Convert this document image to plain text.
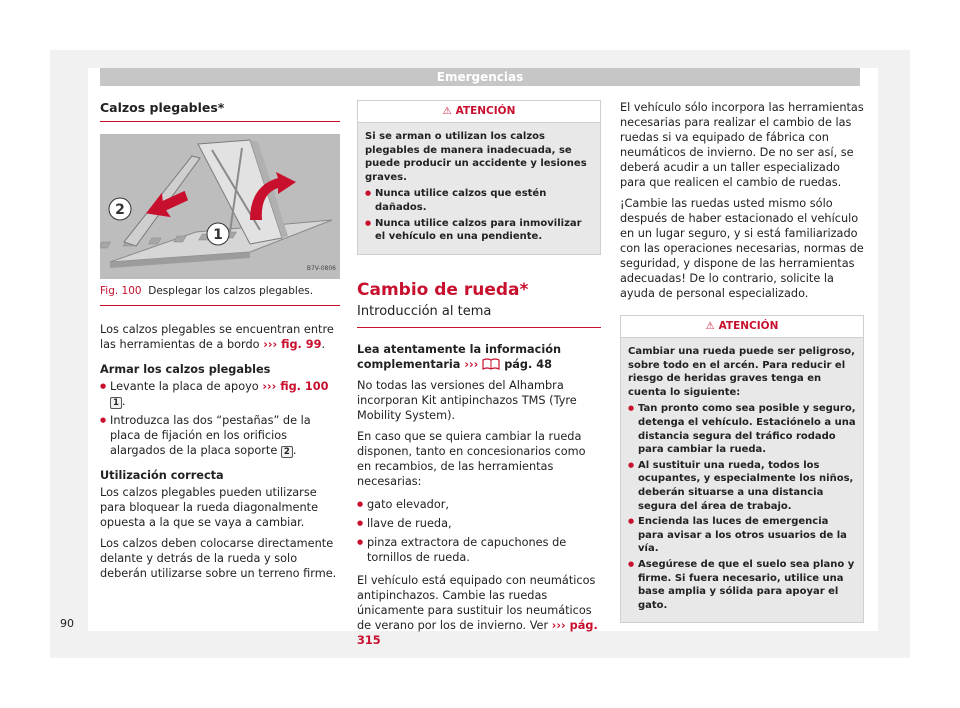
Emergencias
Calzos plegables*
2
1
B7V-0806
Fig. 100 Desplegar los calzos plegables.

Los calzos plegables se encuentran entre las herramientas de a bordo ››› fig. 99.

Armar los calzos plegables

● Levante la placa de apoyo ››› fig. 100 1 .
● Introduzca las dos “pestañas” de la placa de fijación en los orificios alargados de la placa soporte 2 .

Utilización correcta

Los calzos plegables pueden utilizarse para bloquear la rueda diagonalmente opuesta a la que se vaya a cambiar.

Los calzos deben colocarse directamente delante y detrás de la rueda y solo deberán utilizarse sobre un terreno firme.

⚠ ATENCIÓN
Si se arman o utilizan los calzos plegables de manera inadecuada, se puede producir un accidente y lesiones graves.
● Nunca utilice calzos que estén dañados.
● Nunca utilice calzos para inmovilizar el vehículo en una pendiente.
Cambio de rueda*
Introducción al tema

Lea atentamente la información complementaria ››› pág. 48

No todas las versiones del Alhambra incorporan Kit antipinchazos TMS (Tyre Mobility System).

En caso que se quiera cambiar la rueda disponen, tanto en concesionarios como en recambios, de las herramientas necesarias:

● gato elevador,
● llave de rueda,
● pinza extractora de capuchones de tornillos de rueda.

El vehículo está equipado con neumáticos antipinchazos. Cambie las ruedas únicamente para sustituir los neumáticos de verano por los de invierno. Ver ››› pág. 315

El vehículo sólo incorpora las herramientas necesarias para realizar el cambio de las ruedas si va equipado de fábrica con neumáticos de invierno. De no ser así, se deberá acudir a un taller especializado para que realicen el cambio de ruedas.

¡Cambie las ruedas usted mismo sólo después de haber estacionado el vehículo en un lugar seguro, y si está familiarizado con las operaciones necesarias, normas de seguridad, y dispone de las herramientas adecuadas! De lo contrario, solicite la ayuda de personal especializado.

⚠ ATENCIÓN
Cambiar una rueda puede ser peligroso, sobre todo en el arcén. Para reducir el riesgo de heridas graves tenga en cuenta lo siguiente:
● Tan pronto como sea posible y seguro, detenga el vehículo. Estaciónelo a una distancia segura del tráfico rodado para cambiar la rueda.
● Al sustituir una rueda, todos los ocupantes, y especialmente los niños, deberán situarse a una distancia segura del área de trabajo.
● Encienda las luces de emergencia para avisar a los otros usuarios de la vía.
● Asegúrese de que el suelo sea plano y firme. Si fuera necesario, utilice una base amplia y sólida para apoyar el gato.
90
